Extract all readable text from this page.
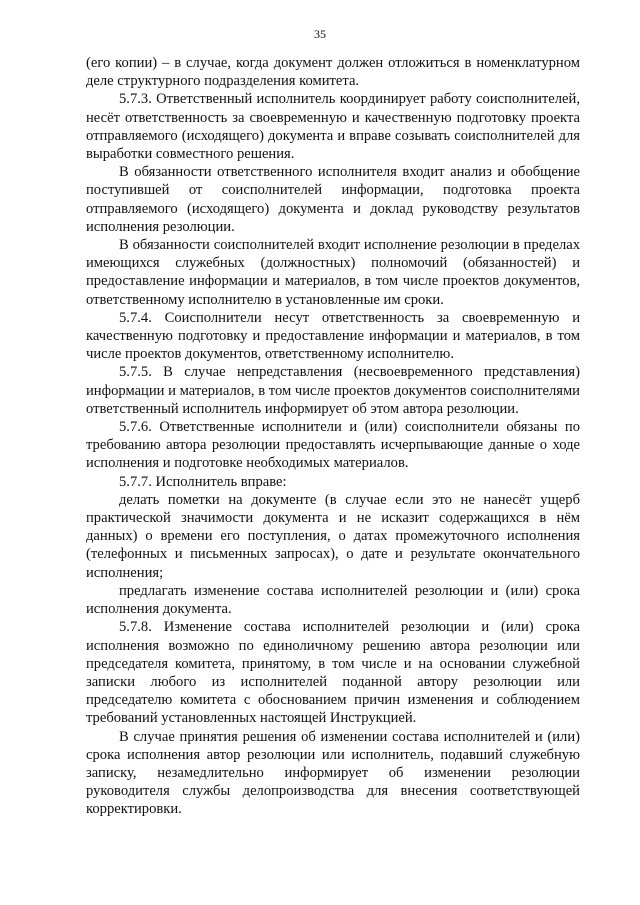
35

(его копии) – в случае, когда документ должен отложиться в номенклатурном деле структурного подразделения комитета.

5.7.3. Ответственный исполнитель координирует работу соисполнителей, несёт ответственность за своевременную и качественную подготовку проекта отправляемого (исходящего) документа и вправе созывать соисполнителей для выработки совместного решения.

В обязанности ответственного исполнителя входит анализ и обобщение поступившей от соисполнителей информации, подготовка проекта отправляемого (исходящего) документа и доклад руководству результатов исполнения резолюции.

В обязанности соисполнителей входит исполнение резолюции в пределах имеющихся служебных (должностных) полномочий (обязанностей) и предоставление информации и материалов, в том числе проектов документов, ответственному исполнителю в установленные им сроки.

5.7.4. Соисполнители несут ответственность за своевременную и качественную подготовку и предоставление информации и материалов, в том числе проектов документов, ответственному исполнителю.

5.7.5. В случае непредставления (несвоевременного представления) информации и материалов, в том числе проектов документов соисполнителями ответственный исполнитель информирует об этом автора резолюции.

5.7.6. Ответственные исполнители и (или) соисполнители обязаны по требованию автора резолюции предоставлять исчерпывающие данные о ходе исполнения и подготовке необходимых материалов.

5.7.7. Исполнитель вправе:

делать пометки на документе (в случае если это не нанесёт ущерб практической значимости документа и не исказит содержащихся в нём данных) о времени его поступления, о датах промежуточного исполнения (телефонных и письменных запросах), о дате и результате окончательного исполнения;

предлагать изменение состава исполнителей резолюции и (или) срока исполнения документа.

5.7.8. Изменение состава исполнителей резолюции и (или) срока исполнения возможно по единоличному решению автора резолюции или председателя комитета, принятому, в том числе и на основании служебной записки любого из исполнителей поданной автору резолюции или председателю комитета с обоснованием причин изменения и соблюдением требований установленных настоящей Инструкцией.

В случае принятия решения об изменении состава исполнителей и (или) срока исполнения автор резолюции или исполнитель, подавший служебную записку, незамедлительно информирует об изменении резолюции руководителя службы делопроизводства для внесения соответствующей корректировки.
